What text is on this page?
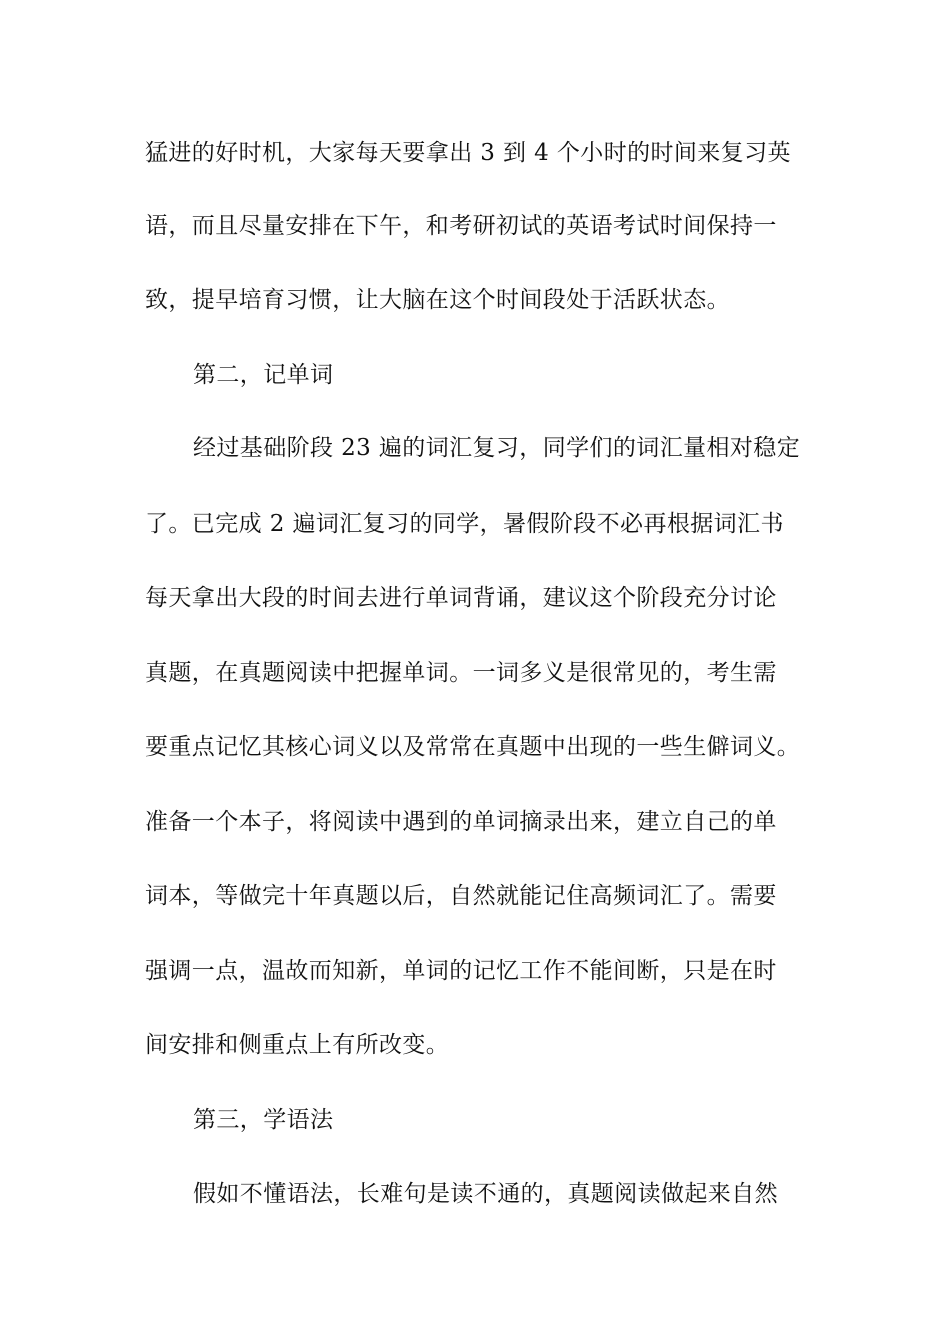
猛进的好时机，大家每天要拿出 3 到 4 个小时的时间来复习英
语，而且尽量安排在下午，和考研初试的英语考试时间保持一
致，提早培育习惯，让大脑在这个时间段处于活跃状态。
第二，记单词
经过基础阶段 23 遍的词汇复习，同学们的词汇量相对稳定
了。已完成 2 遍词汇复习的同学，暑假阶段不必再根据词汇书
每天拿出大段的时间去进行单词背诵，建议这个阶段充分讨论
真题，在真题阅读中把握单词。一词多义是很常见的，考生需
要重点记忆其核心词义以及常常在真题中出现的一些生僻词义。
准备一个本子，将阅读中遇到的单词摘录出来，建立自己的单
词本，等做完十年真题以后，自然就能记住高频词汇了。需要
强调一点，温故而知新，单词的记忆工作不能间断，只是在时
间安排和侧重点上有所改变。
第三，学语法
假如不懂语法，长难句是读不通的，真题阅读做起来自然
